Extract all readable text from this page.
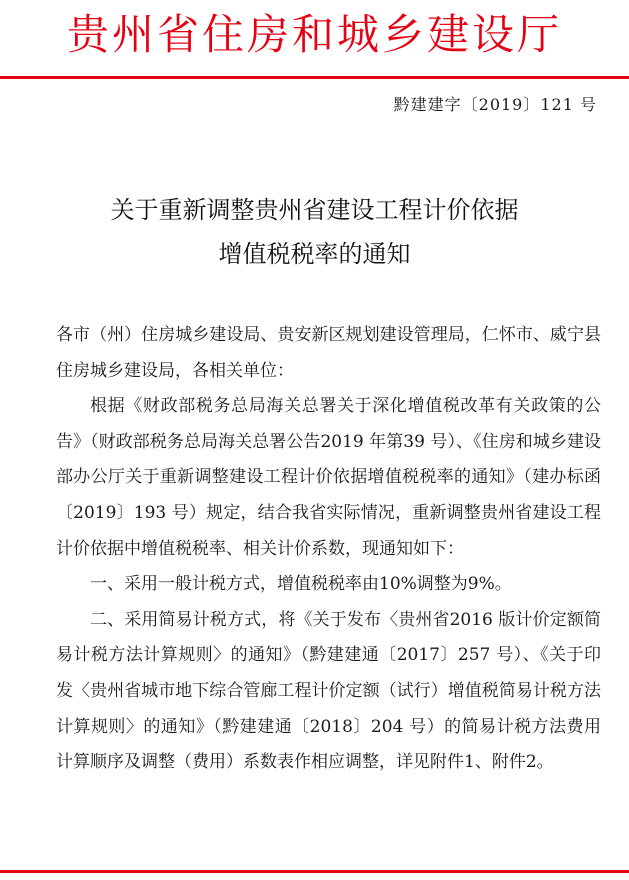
贵州省住房和城乡建设厅
黔建建字〔2019〕121 号
关于重新调整贵州省建设工程计价依据
增值税税率的通知

各市（州）住房城乡建设局、贵安新区规划建设管理局，仁怀市、威宁县住房城乡建设局，各相关单位：

根据《财政部税务总局海关总署关于深化增值税改革有关政策的公告》（财政部税务总局海关总署公告2019 年第39 号）、《住房和城乡建设部办公厅关于重新调整建设工程计价依据增值税税率的通知》（建办标函〔2019〕193 号）规定，结合我省实际情况，重新调整贵州省建设工程计价依据中增值税税率、相关计价系数，现通知如下：

一、采用一般计税方式，增值税税率由10%调整为9%。

二、采用简易计税方式，将《关于发布〈贵州省2016 版计价定额简易计税方法计算规则〉的通知》（黔建建通〔2017〕257 号）、《关于印发〈贵州省城市地下综合管廊工程计价定额（试行）增值税简易计税方法计算规则〉的通知》（黔建建通〔2018〕204 号）的简易计税方法费用计算顺序及调整（费用）系数表作相应调整，详见附件1、附件2。
